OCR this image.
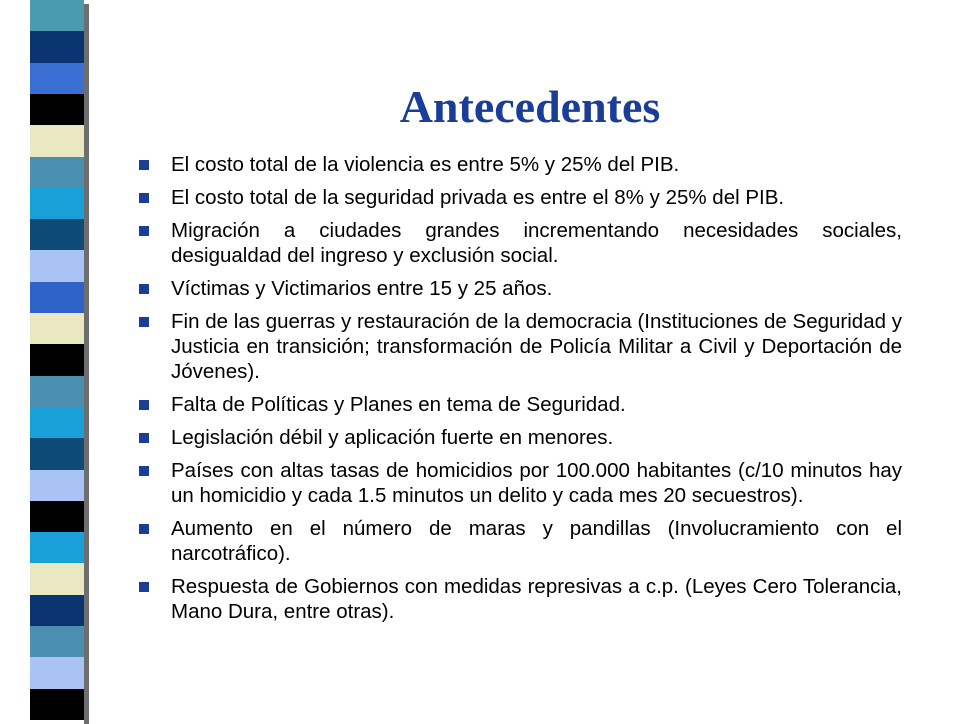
Antecedentes
El costo total de la violencia es entre 5% y 25% del PIB.
El costo total de la seguridad privada es entre el 8% y 25% del PIB.
Migración a ciudades grandes incrementando necesidades sociales, desigualdad del ingreso y exclusión social.
Víctimas y Victimarios entre 15 y 25 años.
Fin de las guerras y restauración de la democracia (Instituciones de Seguridad y Justicia en transición; transformación de Policía Militar a Civil y Deportación de Jóvenes).
Falta de Políticas y Planes en tema de Seguridad.
Legislación débil y aplicación fuerte en menores.
Países con altas tasas de homicidios por 100.000 habitantes (c/10 minutos hay un homicidio y cada 1.5 minutos un delito y cada mes 20 secuestros).
Aumento en el número de maras y pandillas (Involucramiento con el narcotráfico).
Respuesta de Gobiernos con medidas represivas a c.p. (Leyes Cero Tolerancia, Mano Dura, entre otras).
